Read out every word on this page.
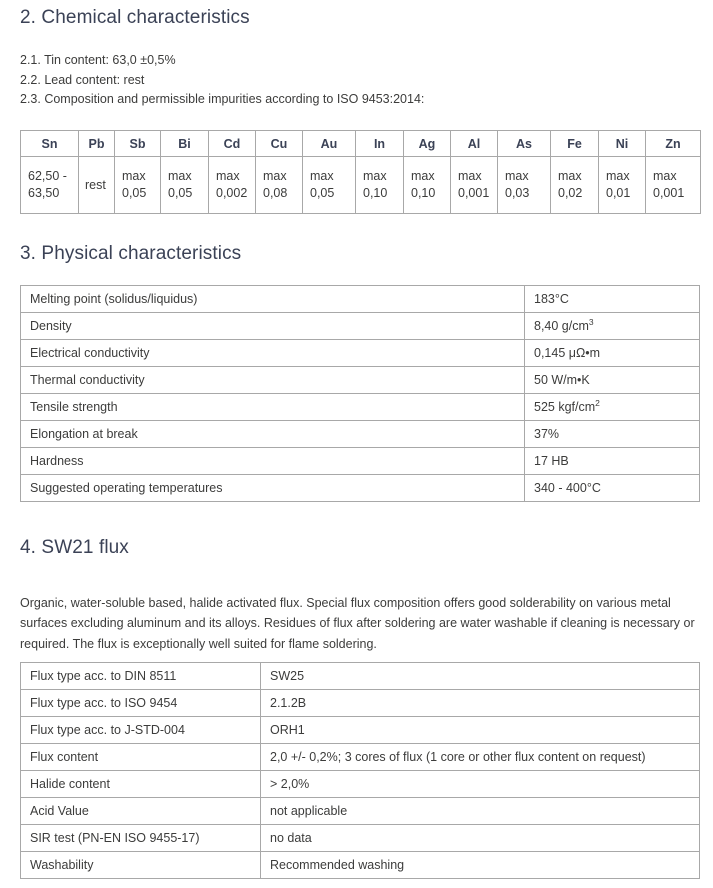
2. Chemical characteristics
2.1. Tin content: 63,0 ±0,5%
2.2. Lead content: rest
2.3. Composition and permissible impurities according to ISO 9453:2014:
Sn	Pb	Sb	Bi	Cd	Cu	Au	In	Ag	Al	As	Fe	Ni	Zn
62,50 - 63,50	rest	max 0,05	max 0,05	max 0,002	max 0,08	max 0,05	max 0,10	max 0,10	max 0,001	max 0,03	max 0,02	max 0,01	max 0,001
3. Physical characteristics
Melting point (solidus/liquidus)	183°C
Density	8,40 $g/cm^3$
Electrical conductivity	0,145 μΩ•m
Thermal conductivity	50 W/m•K
Tensile strength	525 kgf/$cm^2$
Elongation at break	37%
Hardness	17 HB
Suggested operating temperatures	340 - 400°C
4. SW21 flux

Organic, water-soluble based, halide activated flux. Special flux composition offers good solderability on various metal surfaces excluding aluminum and its alloys. Residues of flux after soldering are water washable if cleaning is necessary or required. The flux is exceptionally well suited for flame soldering.

Flux type acc. to DIN 8511	SW25
Flux type acc. to ISO 9454	2.1.2B
Flux type acc. to J-STD-004	ORH1
Flux content	2,0 +/- 0,2%; 3 cores of flux (1 core or other flux content on request)
Halide content	> 2,0%
Acid Value	not applicable
SIR test (PN-EN ISO 9455-17)	no data
Washability	Recommended washing
